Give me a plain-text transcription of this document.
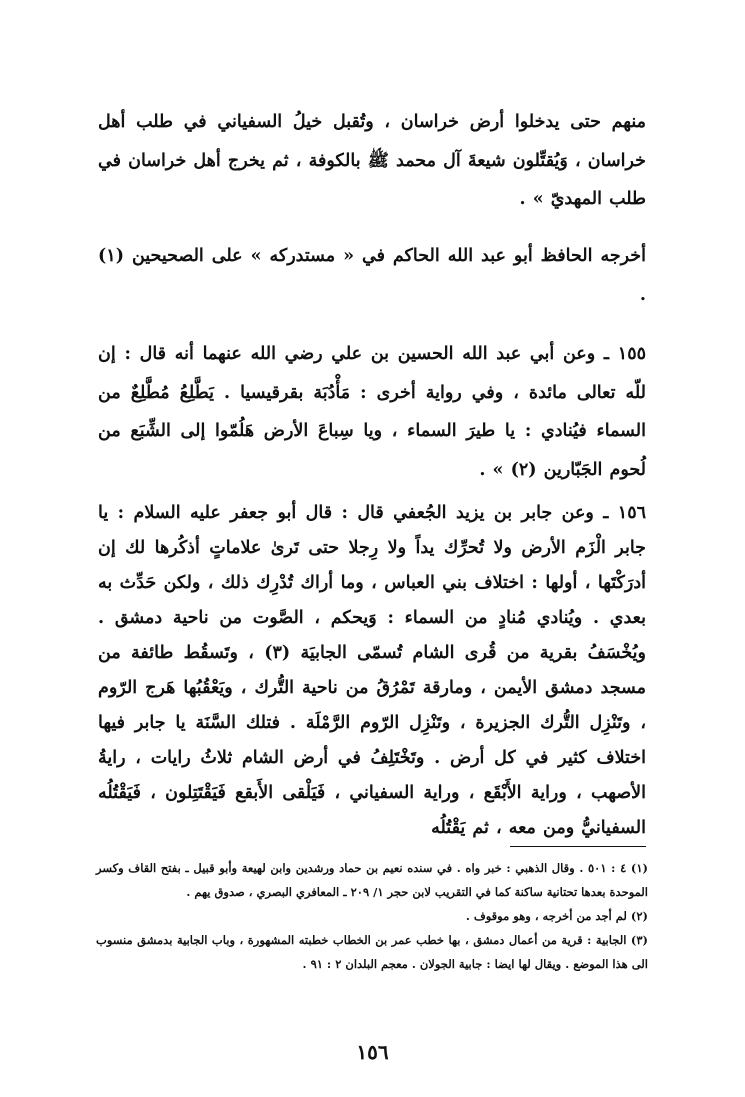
منهم حتى يدخلوا أرض خراسان ، وتُقبل خيلُ السفياني في طلب أهل خراسان ، وَيُقتِّلون شيعةَ آل محمد ﷺ بالكوفة ، ثم يخرج أهل خراسان في طلب المهديّ » .

أخرجه الحافظ أبو عبد الله الحاكم في « مستدركه » على الصحيحين (١) .

١٥٥ ـ وعن أبي عبد الله الحسين بن علي رضي الله عنهما أنه قال : إن للّه تعالى مائدة ، وفي رواية أخرى : مَأْدُبَة بقرقيسيا . يَطَّلِعُ مُطَّلِعٌ من السماء فيُنادي : يا طيرَ السماء ، ويا سِباعَ الأرض هَلُمّوا إلى الشِّبَع من لُحوم الجَبّارين (٢) » .

١٥٦ ـ وعن جابر بن يزيد الجُعفي قال : قال أبو جعفر عليه السلام : يا جابر الْزَم الأرض ولا تُحرِّك يداً ولا رِجلا حتى تَرىٰ علاماتٍ أذكُرها لك إن أدرَكْتَها ، أولها : اختلاف بني العباس ، وما أراك تُدْرِك ذلك ، ولكن حَدِّث به بعدي . ويُنادي مُنادٍ من السماء : وَيحكم ، الصَّوت من ناحية دمشق . ويُخْسَفُ بقرية من قُرى الشام تُسمّى الجابيَة (٣) ، وتَسقُط طائفة من مسجد دمشق الأيمن ، ومارقة تَمْرُقُ من ناحية التُّرك ، ويَعْقُبُها هَرج الرّوم ، وتَنْزِل التُّرك الجزيرة ، وتَنْزِل الرّوم الرَّمْلَة . فتلك السَّنَة يا جابر فيها اختلاف كثير في كل أرض . وتَخْتَلِفُ في أرض الشام ثلاثُ رايات ، رايةُ الأصهب ، وراية الأَبْقَع ، وراية السفياني ، فَيَلْقى الأَبقع فَيَقْتَتِلون ، فَيَقْتُلُه السفيانيُّ ومن معه ، ثم يَقْتُلُه

(١) ٤ : ٥٠١ . وقال الذهبي : خبر واه . في سنده نعيم بن حماد ورشدين وابن لهيعة وأبو قبيل ـ بفتح القاف وكسر الموحدة بعدها تحتانية ساكنة كما في التقريب لابن حجر ١/ ٢٠٩ ـ المعافري البصري ، صدوق يهم .

(٢) لم أجد من أخرجه ، وهو موقوف .

(٣) الجابية : قرية من أعمال دمشق ، بها خطب عمر بن الخطاب خطبته المشهورة ، وباب الجابية بدمشق منسوب الى هذا الموضع . ويقال لها ايضا : جابية الجولان . معجم البلدان ٢ : ٩١ .

١٥٦
